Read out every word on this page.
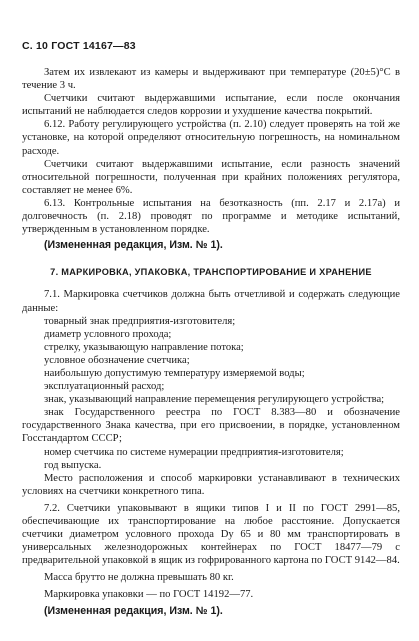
С. 10 ГОСТ 14167—83

Затем их извлекают из камеры и выдерживают при температуре (20±5)°С в течение 3 ч.

Счетчики считают выдержавшими испытание, если после окончания испытаний не наблюдается следов коррозии и ухудшение качества покрытий.

6.12. Работу регулирующего устройства (п. 2.10) следует проверять на той же установке, на которой определяют относительную погрешность, на номинальном расходе.

Счетчики считают выдержавшими испытание, если разность значений относительной погрешности, полученная при крайних положениях регулятора, составляет не менее 6%.

6.13. Контрольные испытания на безотказность (пп. 2.17 и 2.17а) и долговечность (п. 2.18) проводят по программе и методике испытаний, утвержденным в установленном порядке.

(Измененная редакция, Изм. № 1).

7. МАРКИРОВКА, УПАКОВКА, ТРАНСПОРТИРОВАНИЕ И ХРАНЕНИЕ

7.1. Маркировка счетчиков должна быть отчетливой и содержать следующие данные:

товарный знак предприятия-изготовителя;

диаметр условного прохода;

стрелку, указывающую направление потока;

условное обозначение счетчика;

наибольшую допустимую температуру измеряемой воды;

эксплуатационный расход;

знак, указывающий направление перемещения регулирующего устройства;

знак Государственного реестра по ГОСТ 8.383—80 и обозначение государственного Знака качества, при его присвоении, в порядке, установленном Госстандартом СССР;

номер счетчика по системе нумерации предприятия-изготовителя;

год выпуска.

Место расположения и способ маркировки устанавливают в технических условиях на счетчики конкретного типа.

7.2. Счетчики упаковывают в ящики типов I и II по ГОСТ 2991—85, обеспечивающие их транспортирование на любое расстояние. Допускается счетчики диаметром условного прохода Dу 65 и 80 мм транспортировать в универсальных железнодорожных контейнерах по ГОСТ 18477—79 с предварительной упаковкой в ящик из гофрированного картона по ГОСТ 9142—84.

Масса брутто не должна превышать 80 кг.

Маркировка упаковки — по ГОСТ 14192—77.

(Измененная редакция, Изм. № 1).
